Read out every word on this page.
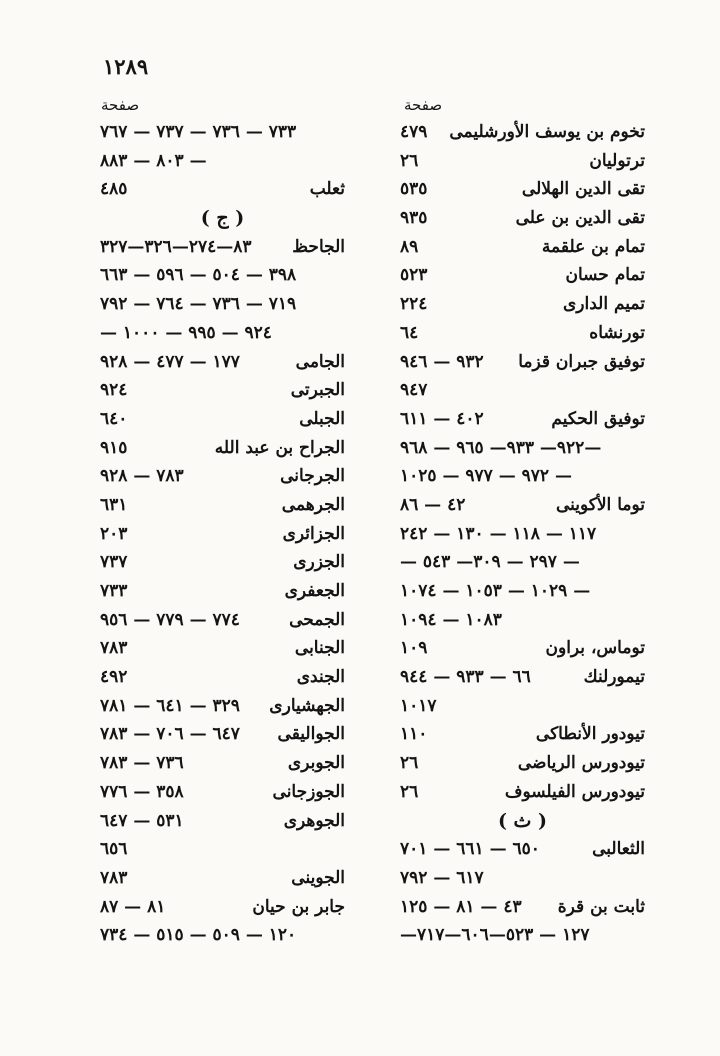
١٢٨٩
صفحة
صفحة
تخوم بن يوسف الأورشليمى
٤٧٩
ترتوليان
٢٦
تقى الدين الهلالى
٥٣٥
تقى الدين بن على
٩٣٥
تمام بن علقمة
٨٩
تمام حسان
٥٢٣
تميم الدارى
٢٢٤
تورنشاه
٦٤
توفيق جبران قزما
٩٣٢ — ٩٤٦
٩٤٧
توفيق الحكيم
٤٠٢ — ٦١١
—٩٢٢— ٩٣٣— ٩٦٥ — ٩٦٨
— ٩٧٢ — ٩٧٧ — ١٠٢٥
توما الأكوينى
٤٢ — ٨٦
١١٧ — ١١٨ — ١٣٠ — ٢٤٢
— ٢٩٧ — ٣٠٩— ٥٤٣ —
— ١٠٢٩ — ١٠٥٣ — ١٠٧٤
١٠٨٣ — ١٠٩٤
توماس، براون
١٠٩
تيمورلنك
٦٦ — ٩٣٣ — ٩٤٤
١٠١٧
تيودور الأنطاكى
١١٠
تيودورس الرياضى
٢٦
تيودورس الفيلسوف
٢٦
( ث )
الثعالبى
٦٥٠ — ٦٦١ — ٧٠١
٦١٧ — ٧٩٢
ثابت بن قرة
٤٣ — ٨١ — ١٢٥
١٢٧ — ٥٢٣—٦٠٦—٧١٧—
٧٣٣ — ٧٣٦ — ٧٣٧ — ٧٦٧
— ٨٠٣ — ٨٨٣
ثعلب
٤٨٥
( ج )
الجاحظ
٨٣—٢٧٤—٣٢٦—٣٢٧
٣٩٨ — ٥٠٤ — ٥٩٦ — ٦٦٣
٧١٩ — ٧٣٦ — ٧٦٤ — ٧٩٢
٩٢٤ — ٩٩٥ — ١٠٠٠ —
الجامى
١٧٧ — ٤٧٧ — ٩٢٨
الجبرتى
٩٢٤
الجبلى
٦٤٠
الجراح بن عبد الله
٩١٥
الجرجانى
٧٨٣ — ٩٢٨
الجرهمى
٦٣١
الجزائرى
٢٠٣
الجزرى
٧٣٧
الجعفرى
٧٣٣
الجمحى
٧٧٤ — ٧٧٩ — ٩٥٦
الجنابى
٧٨٣
الجندى
٤٩٢
الجهشيارى
٣٢٩ — ٦٤١ — ٧٨١
الجواليقى
٦٤٧ — ٧٠٦ — ٧٨٣
الجوبرى
٧٣٦ — ٧٨٣
الجوزجانى
٣٥٨ — ٧٧٦
الجوهرى
٥٣١ — ٦٤٧
٦٥٦
الجوينى
٧٨٣
جابر بن حيان
٨١ — ٨٧
١٢٠ — ٥٠٩ — ٥١٥ — ٧٣٤
